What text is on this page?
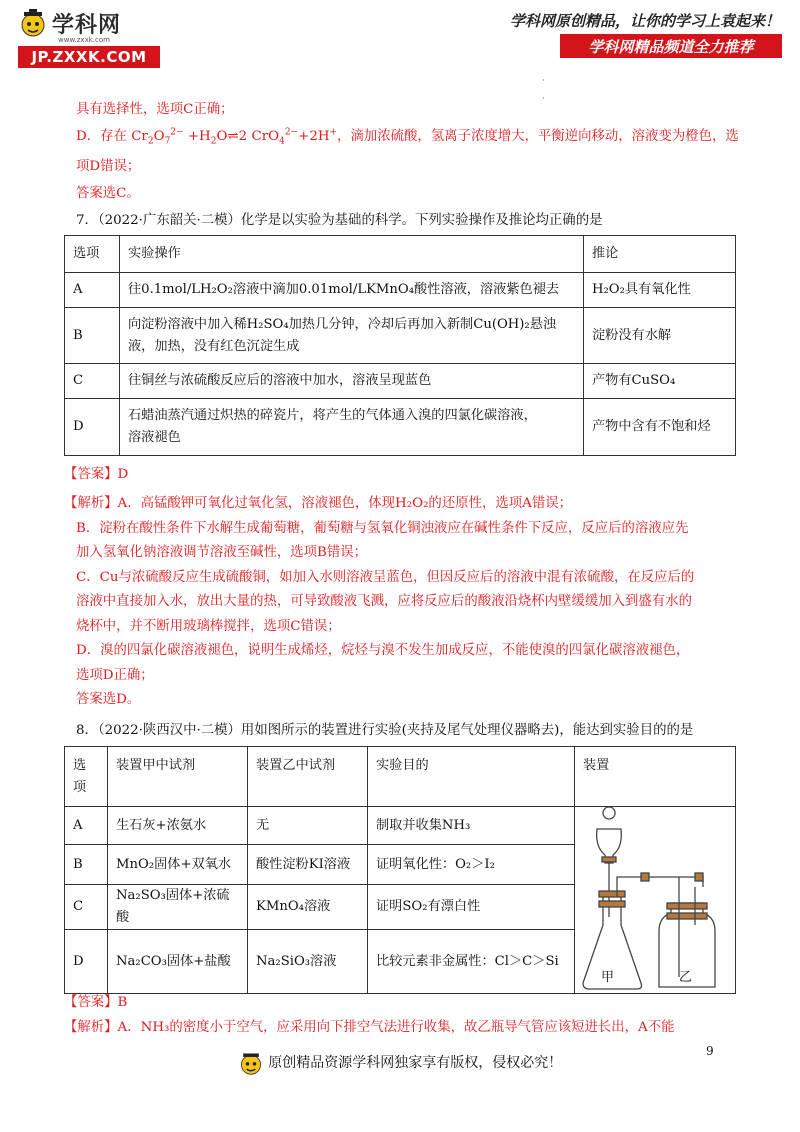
学科网
www.zxxk.com
JP.ZXXK.COM
学科网原创精品，让你的学习上袁起来！
学科网精品频道全力推荐
·

·
具有选择性，选项C正确；
D．存在 $Cr_2O_7^{2-}$ $+H_2O\rightleftharpoons 2$ CrO$_4^{2-}$+2H+，滴加浓硫酸，氢离子浓度增大，平衡逆向移动，溶液变为橙色，选
项D错误；
答案选C。
7．（2022·广东韶关·二模）化学是以实验为基础的科学。下列实验操作及推论均正确的是
选项	实验操作	推论
A	往0.1mol/LH₂O₂溶液中滴加0.01mol/LKMnO₄酸性溶液，溶液紫色褪去	H₂O₂具有氧化性
B	向淀粉溶液中加入稀H₂SO₄加热几分钟，冷却后再加入新制Cu(OH)₂悬浊
液，加热，没有红色沉淀生成	淀粉没有水解
C	往铜丝与浓硫酸反应后的溶液中加水，溶液呈现蓝色	产物有CuSO₄
D	石蜡油蒸汽通过炽热的碎瓷片，将产生的气体通入溴的四氯化碳溶液，
溶液褪色	产物中含有不饱和烃
【答案】D
【解析】A．高锰酸钾可氧化过氧化氢，溶液褪色，体现H₂O₂的还原性，选项A错误；
B．淀粉在酸性条件下水解生成葡萄糖，葡萄糖与氢氧化铜浊液应在碱性条件下反应，反应后的溶液应先
加入氢氧化钠溶液调节溶液至碱性，选项B错误；
C．Cu与浓硫酸反应生成硫酸铜，如加入水则溶液呈蓝色，但因反应后的溶液中混有浓硫酸，在反应后的
溶液中直接加入水，放出大量的热，可导致酸液飞溅，应将反应后的酸液沿烧杯内壁缓缓加入到盛有水的
烧杯中，并不断用玻璃棒搅拌，选项C错误；
D．溴的四氯化碳溶液褪色，说明生成烯烃，烷烃与溴不发生加成反应，不能使溴的四氯化碳溶液褪色，
选项D正确；
答案选D。
8．（2022·陕西汉中·二模）用如图所示的装置进行实验(夹持及尾气处理仪器略去)，能达到实验目的的是
选
项	装置甲中试剂	装置乙中试剂	实验目的	装置
A	生石灰+浓氨水	无	制取并收集NH₃	甲 乙

B	MnO₂固体+双氧水	酸性淀粉KI溶液	证明氧化性：O₂＞I₂	
C	Na₂SO₃固体+浓硫酸	KMnO₄溶液	证明SO₂有漂白性	
D	Na₂CO₃固体+盐酸	Na₂SiO₃溶液	比较元素非金属性：Cl＞C＞Si	
【答案】B
【解析】A．NH₃的密度小于空气，应采用向下排空气法进行收集，故乙瓶导气管应该短进长出，A不能
9
原创精品资源学科网独家享有版权，侵权必究！
